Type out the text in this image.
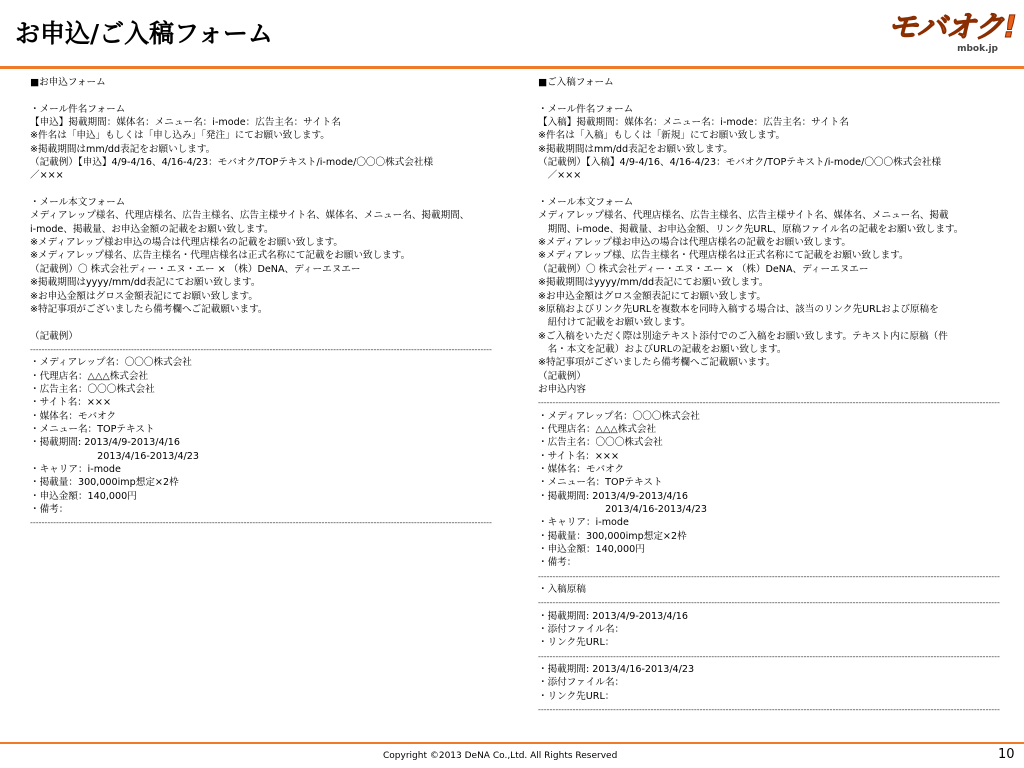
お申込/ご入稿フォーム	モバオク!
mbok.jp
■お申込フォーム
・メール件名フォーム
【申込】掲載期間：媒体名：メニュー名：i-mode：広告主名：サイト名
※件名は「申込」もしくは「申し込み」「発注」にてお願い致します。
※掲載期間はmm/dd表記をお願いします。
（記載例）【申込】4/9-4/16、4/16-4/23：モバオク/TOPテキスト/i-mode/〇〇〇株式会社様
／×××
・メール本文フォーム
メディアレップ様名、代理店様名、広告主様名、広告主様サイト名、媒体名、メニュー名、掲載期間、
i-mode、掲載量、お申込金額の記載をお願い致します。
※メディアレップ様お申込の場合は代理店様名の記載をお願い致します。
※メディアレップ様名、広告主様名・代理店様名は正式名称にて記載をお願い致します。
（記載例）〇 株式会社ディー・エヌ・エー × （株）DeNA、ディーエヌエー
※掲載期間はyyyy/mm/dd表記にてお願い致します。
※お申込金額はグロス金額表記にてお願い致します。
※特記事項がございましたら備考欄へご記載願います。
（記載例）
----------------------------------------------------------------------------------------------------------------------------------------------------------------
・メディアレップ名：〇〇〇株式会社
・代理店名：△△△株式会社
・広告主名：〇〇〇株式会社
・サイト名：×××
・媒体名：モバオク
・メニュー名：TOPテキスト
・掲載期間: 2013/4/9-2013/4/16
　　　　　　　2013/4/16-2013/4/23
・キャリア：i-mode
・掲載量：300,000imp想定×2枠
・申込金額：140,000円
・備考：
----------------------------------------------------------------------------------------------------------------------------------------------------------------
■ご入稿フォーム
・メール件名フォーム
【入稿】掲載期間：媒体名：メニュー名：i-mode：広告主名：サイト名
※件名は「入稿」もしくは「新規」にてお願い致します。
※掲載期間はmm/dd表記をお願い致します。
（記載例）【入稿】4/9-4/16、4/16-4/23：モバオク/TOPテキスト/i-mode/〇〇〇株式会社様
　／×××
・メール本文フォーム
メディアレップ様名、代理店様名、広告主様名、広告主様サイト名、媒体名、メニュー名、掲載
　期間、i-mode、掲載量、お申込金額、リンク先URL、原稿ファイル名の記載をお願い致します。
※メディアレップ様お申込の場合は代理店様名の記載をお願い致します。
※メディアレップ様、広告主様名・代理店様名は正式名称にて記載をお願い致します。
（記載例）〇 株式会社ディー・エヌ・エー × （株）DeNA、ディーエヌエー
※掲載期間はyyyy/mm/dd表記にてお願い致します。
※お申込金額はグロス金額表記にてお願い致します。
※原稿およびリンク先URLを複数本を同時入稿する場合は、該当のリンク先URLおよび原稿を
　紐付けて記載をお願い致します。
※ご入稿をいただく際は別途テキスト添付でのご入稿をお願い致します。テキスト内に原稿（件
　名・本文を記載）およびURLの記載をお願い致します。
※特記事項がございましたら備考欄へご記載願います。
（記載例）
お申込内容
----------------------------------------------------------------------------------------------------------------------------------------------------------------
・メディアレップ名：〇〇〇株式会社
・代理店名：△△△株式会社
・広告主名：〇〇〇株式会社
・サイト名：×××
・媒体名：モバオク
・メニュー名：TOPテキスト
・掲載期間: 2013/4/9-2013/4/16
　　　　　　　2013/4/16-2013/4/23
・キャリア：i-mode
・掲載量：300,000imp想定×2枠
・申込金額：140,000円
・備考：
----------------------------------------------------------------------------------------------------------------------------------------------------------------
・入稿原稿
----------------------------------------------------------------------------------------------------------------------------------------------------------------
・掲載期間: 2013/4/9-2013/4/16
・添付ファイル名：
・リンク先URL：
----------------------------------------------------------------------------------------------------------------------------------------------------------------
・掲載期間: 2013/4/16-2013/4/23
・添付ファイル名：
・リンク先URL：
----------------------------------------------------------------------------------------------------------------------------------------------------------------
Copyright ©2013 DeNA Co.,Ltd. All Rights Reserved	10
